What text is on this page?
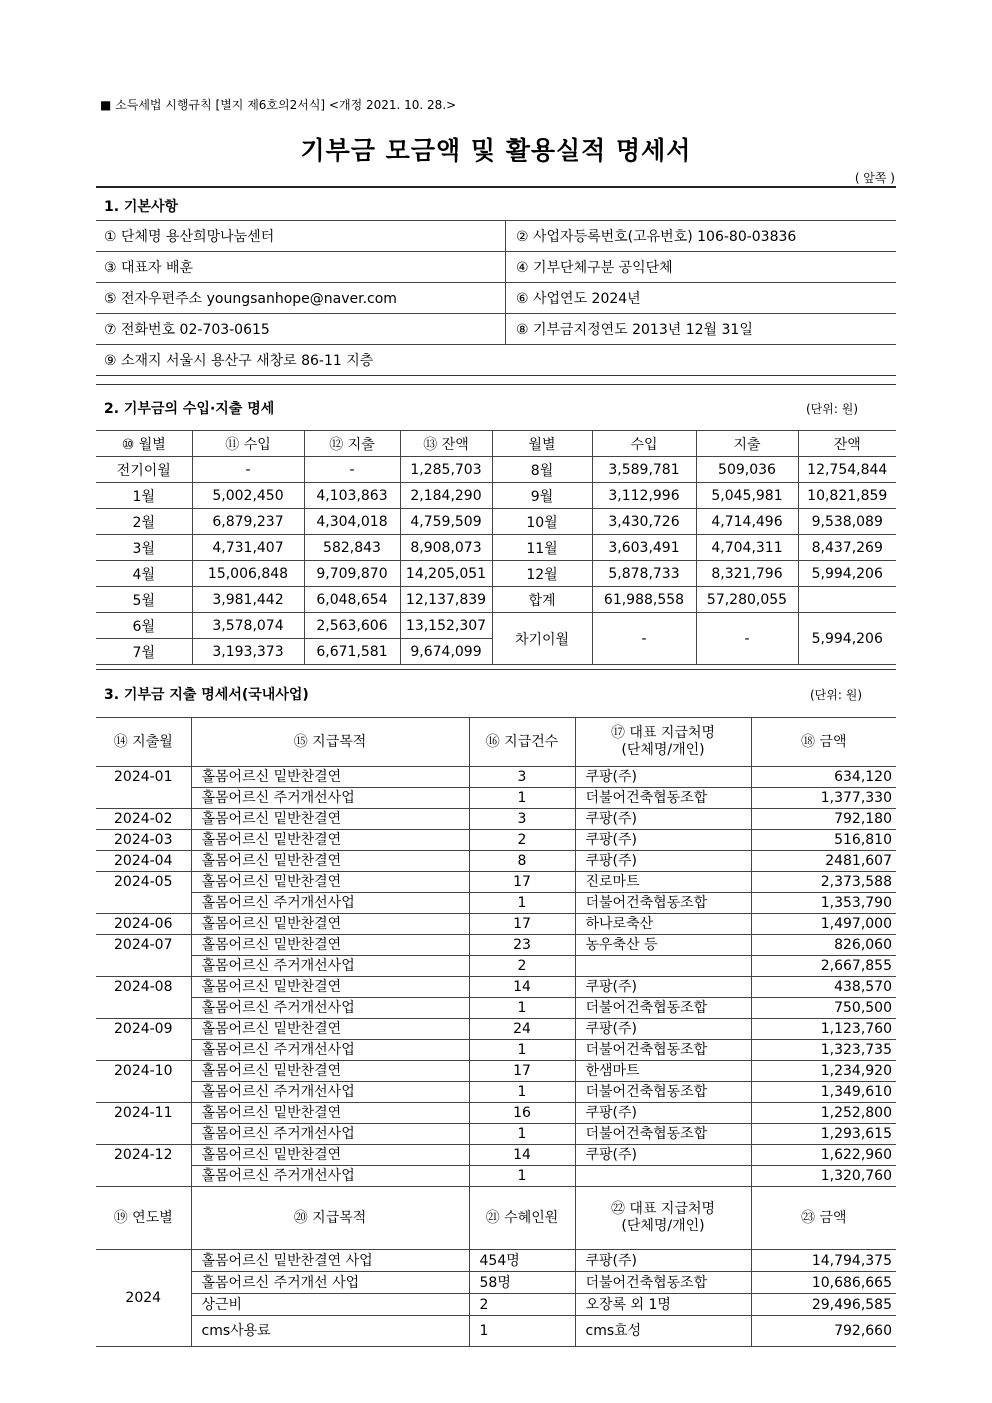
■ 소득세법 시행규칙 [별지 제6호의2서식] <개정 2021. 10. 28.>
기부금 모금액 및 활용실적 명세서
( 앞쪽 )
1. 기본사항
① 단체명 용산희망나눔센터	② 사업자등록번호(고유번호) 106-80-03836
③ 대표자 배훈	④ 기부단체구분 공익단체
⑤ 전자우편주소 youngsanhope@naver.com	⑥ 사업연도 2024년
⑦ 전화번호 02-703-0615	⑧ 기부금지정연도 2013년 12월 31일
⑨ 소재지 서울시 용산구 새창로 86-11 지층	
2. 기부금의 수입·지출 명세	(단위: 원)
⑩ 월별	⑪ 수입	⑫ 지출	⑬ 잔액	월별	수입	지출	잔액
전기이월	-	-	1,285,703	8월	3,589,781	509,036	12,754,844
1월	5,002,450	4,103,863	2,184,290	9월	3,112,996	5,045,981	10,821,859
2월	6,879,237	4,304,018	4,759,509	10월	3,430,726	4,714,496	9,538,089
3월	4,731,407	582,843	8,908,073	11월	3,603,491	4,704,311	8,437,269
4월	15,006,848	9,709,870	14,205,051	12월	5,878,733	8,321,796	5,994,206
5월	3,981,442	6,048,654	12,137,839	합계	61,988,558	57,280,055	
6월	3,578,074	2,563,606	13,152,307	차기이월	-	-	5,994,206
7월	3,193,373	6,671,581	9,674,099				
3. 기부금 지출 명세서(국내사업)	(단위: 원)
⑭ 지출월	⑮ 지급목적	⑯ 지급건수	⑰ 대표 지급처명
(단체명/개인)	⑱ 금액
2024-01	홀몸어르신 밑반찬결연	3	쿠팡(주)	634,120
	홀몸어르신 주거개선사업	1	더불어건축협동조합	1,377,330
2024-02	홀몸어르신 밑반찬결연	3	쿠팡(주)	792,180
2024-03	홀몸어르신 밑반찬결연	2	쿠팡(주)	516,810
2024-04	홀몸어르신 밑반찬결연	8	쿠팡(주)	2481,607
2024-05	홀몸어르신 밑반찬결연	17	진로마트	2,373,588
	홀몸어르신 주거개선사업	1	더불어건축협동조합	1,353,790
2024-06	홀몸어르신 밑반찬결연	17	하나로축산	1,497,000
2024-07	홀몸어르신 밑반찬결연	23	농우축산 등	826,060
	홀몸어르신 주거개선사업	2		2,667,855
2024-08	홀몸어르신 밑반찬결연	14	쿠팡(주)	438,570
	홀몸어르신 주거개선사업	1	더불어건축협동조합	750,500
2024-09	홀몸어르신 밑반찬결연	24	쿠팡(주)	1,123,760
	홀몸어르신 주거개선사업	1	더불어건축협동조합	1,323,735
2024-10	홀몸어르신 밑반찬결연	17	한샘마트	1,234,920
	홀몸어르신 주거개선사업	1	더불어건축협동조합	1,349,610
2024-11	홀몸어르신 밑반찬결연	16	쿠팡(주)	1,252,800
	홀몸어르신 주거개선사업	1	더불어건축협동조합	1,293,615
2024-12	홀몸어르신 밑반찬결연	14	쿠팡(주)	1,622,960
	홀몸어르신 주거개선사업	1		1,320,760
⑲ 연도별	⑳ 지급목적	㉑ 수혜인원	㉒ 대표 지급처명
(단체명/개인)	㉓ 금액
2024	홀몸어르신 밑반찬결연 사업	454명	쿠팡(주)	14,794,375
	홀몸어르신 주거개선 사업	58명	더불어건축협동조합	10,686,665
	상근비	2	오장록 외 1명	29,496,585
	cms사용료	1	cms효성	792,660
